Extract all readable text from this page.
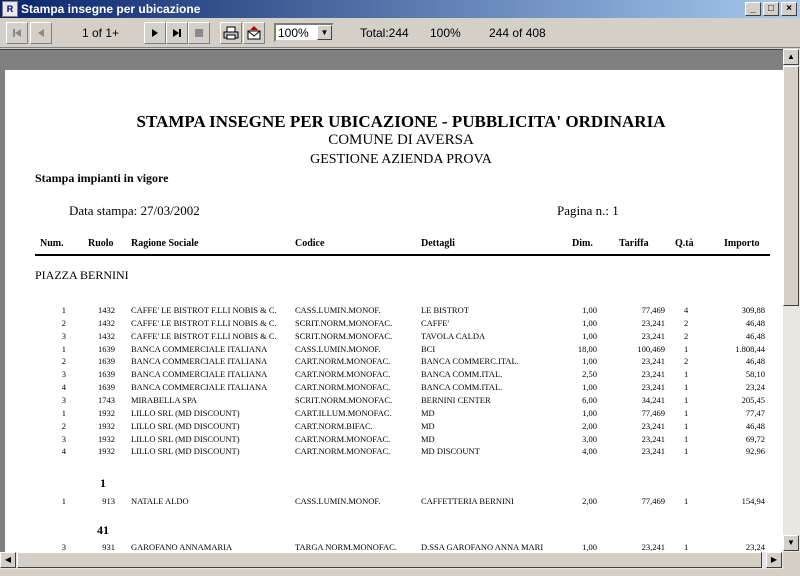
R Stampa insegne per ubicazione	_	□	×
1 of 1+	100%	▼	Total:244 100% 244 of 408
STAMPA INSEGNE PER UBICAZIONE - PUBBLICITA' ORDINARIA
COMUNE DI AVERSA
GESTIONE AZIENDA PROVA
Stampa impianti in vigore
Data stampa: 27/03/2002	Pagina n.: 1
Num. Ruolo Ragione Sociale	Codice	Dettagli	Dim.	Tariffa	Q.tà	Importo
PIAZZA BERNINI
1	1432 CAFFE' LE BISTROT F.LLI NOBIS & C.	CASS.LUMIN.MONOF.	LE BISTROT	1,00	77,469 4	309,88
2	1432 CAFFE' LE BISTROT F.LLI NOBIS & C.	SCRIT.NORM.MONOFAC.	CAFFE'	1,00	23,241 2	46,48
3	1432 CAFFE' LE BISTROT F.LLI NOBIS & C.	SCRIT.NORM.MONOFAC.	TAVOLA CALDA	1,00	23,241 2	46,48
1	1639 BANCA COMMERCIALE ITALIANA	CASS.LUMIN.MONOF.	BCI	18,00	100,469 1	1.808,44
2	1639 BANCA COMMERCIALE ITALIANA	CART.NORM.MONOFAC.	BANCA COMMERC.ITAL.	1,00	23,241 2	46,48
3	1639 BANCA COMMERCIALE ITALIANA	CART.NORM.MONOFAC.	BANCA COMM.ITAL.	2,50	23,241 1	58,10
4	1639 BANCA COMMERCIALE ITALIANA	CART.NORM.MONOFAC.	BANCA COMM.ITAL.	1,00	23,241 1	23,24
3	1743 MIRABELLA SPA	SCRIT.NORM.MONOFAC.	BERNINI CENTER	6,00	34,241 1	205,45
1	1932 LILLO SRL (MD DISCOUNT)	CART.ILLUM.MONOFAC.	MD	1,00	77,469 1	77,47
2	1932 LILLO SRL (MD DISCOUNT)	CART.NORM.BIFAC.	MD	2,00	23,241 1	46,48
3	1932 LILLO SRL (MD DISCOUNT)	CART.NORM.MONOFAC.	MD	3,00	23,241 1	69,72
4	1932 LILLO SRL (MD DISCOUNT)	CART.NORM.MONOFAC.	MD DISCOUNT	4,00	23,241 1	92,96
1
1	913 NATALE ALDO	CASS.LUMIN.MONOF.	CAFFETTERIA BERNINI	2,00	77,469 1	154,94
41
3	931 GAROFANO ANNAMARIA	TARGA NORM.MONOFAC.	D.SSA GAROFANO ANNA MARI	1,00	23,241 1	23,24
▲
▼
◀	▶
